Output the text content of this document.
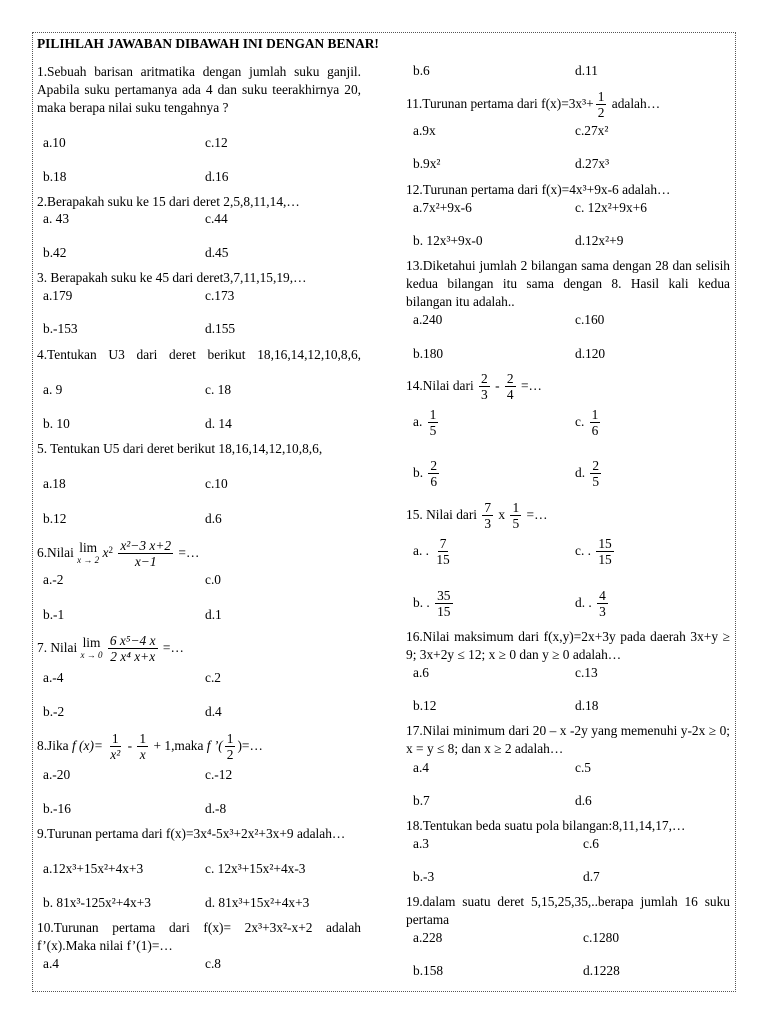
PILIHLAH JAWABAN DIBAWAH INI DENGAN BENAR!
1.Sebuah barisan aritmatika dengan jumlah suku ganjil. Apabila suku pertamanya ada 4 dan suku teerakhirnya 20, maka berapa nilai suku tengahnya ?
a.10	c.12
b.18	d.16
2.Berapakah suku ke 15 dari deret 2,5,8,11,14,…
a. 43	c.44
b.42	d.45
3. Berapakah suku ke 45 dari deret3,7,11,15,19,…
a.179	c.173
b.-153	d.155
4.Tentukan U3 dari deret berikut 18,16,14,12,10,8,6,
a. 9	c. 18
b. 10	d. 14
5. Tentukan U5 dari deret berikut 18,16,14,12,10,8,6,
a.18	c.10
b.12	d.6
6.Nilai lim
x → 2 $x^2 \frac{\text{x²−3 x+2}}{x-1}$ =…
a.-2	c.0
b.-1	d.1
7. Nilai lim
x → 0
$\frac{\text{6 x⁵−4 x}}{\text{2 x⁴ x+x}}$ =…
a.-4	c.2
b.-2	d.4
8.Jika f $(x)= \frac{1}{\text{x²}} - \frac{1}{x}$ + 1,maka f ’( $\frac{1}{2}$ )=…
a.-20	c.-12
b.-16	d.-8
9.Turunan pertama dari f(x)=3x⁴-5x³+2x²+3x+9 adalah…
a.12x³+15x²+4x+3	c. 12x³+15x²+4x-3
b. 81x³-125x²+4x+3	d. 81x³+15x²+4x+3
10.Turunan pertama dari f(x)= 2x³+3x²-x+2 adalah f’(x).Maka nilai f’(1)=…
a.4	c.8
b.6	d.11
11.Turunan pertama dari $f(x)=3x^3+ \frac{1}{2}$ adalah…
a.9x	c.27x²
b.9x²	d.27x³
12.Turunan pertama dari f(x)=4x³+9x-6 adalah…
a.7x²+9x-6	c. 12x²+9x+6
b. 12x³+9x-0	d.12x²+9
13.Diketahui jumlah 2 bilangan sama dengan 28 dan selisih kedua bilangan itu sama dengan 8. Hasil kali kedua bilangan itu adalah..
a.240	c.160
b.180	d.120
14.Nilai dari $\frac{2}{3} - \frac{2}{4}$ =…
a. $\frac{1}{5}$	c. $\frac{1}{6}$
b. $\frac{2}{6}$	d. $\frac{2}{5}$
15. Nilai dari $\frac{7}{3}$ x $\frac{1}{5}$ =…
a. . $\frac{7}{15}$	c. . $\frac{15}{15}$
b. . $\frac{35}{15}$	d. . $\frac{4}{3}$
16.Nilai maksimum dari f(x,y)=2x+3y pada daerah 3x+y ≥ 9; 3x+2y ≤ 12; x ≥ 0 dan y ≥ 0 adalah…
a.6	c.13
b.12	d.18
17.Nilai minimum dari 20 – x -2y yang memenuhi y-2x ≥ 0; x = y ≤ 8; dan x ≥ 2 adalah…
a.4	c.5
b.7	d.6
18.Tentukan beda suatu pola bilangan:8,11,14,17,…
a.3	c.6
b.-3	d.7
19.dalam suatu deret 5,15,25,35,..berapa jumlah 16 suku pertama
a.228	c.1280
b.158	d.1228
